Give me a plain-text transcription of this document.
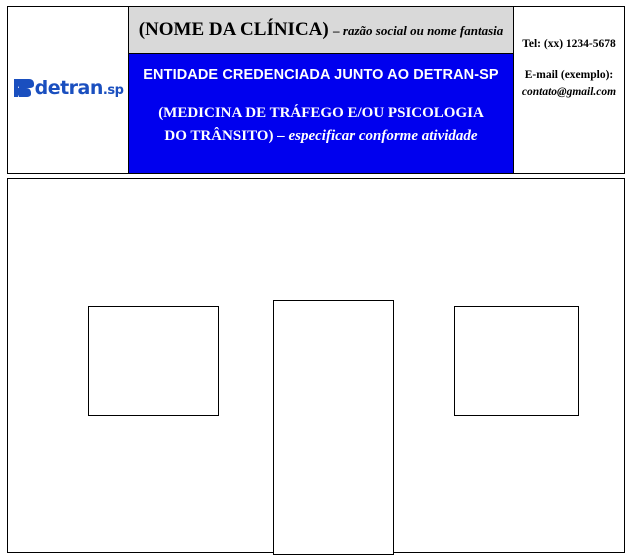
detran.sp
(NOME DA CLÍNICA) – razão social ou nome fantasia
ENTIDADE CREDENCIADA JUNTO AO DETRAN-SP
(MEDICINA DE TRÁFEGO E/OU PSICOLOGIA DO TRÂNSITO) – especificar conforme atividade
Tel: (xx) 1234-5678
E-mail (exemplo):
contato@gmail.com
